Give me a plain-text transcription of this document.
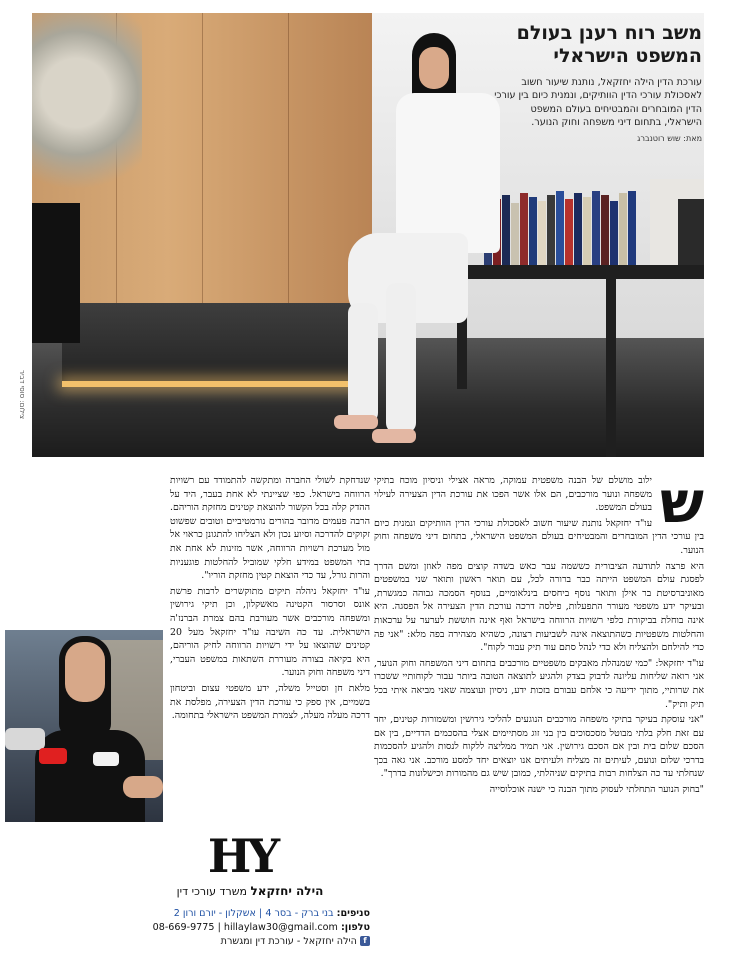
צילום: סוסי דביר
משב רוח רענן בעולם
המשפט הישראלי

עורכת הדין הילה יחזקאל, נותנת שיעור חשוב לאסכולת עורכי הדין הוותיקים, ונמנית כיום בין עורכי הדין המובחרים והמבטיחים בעולם המשפט הישראלי, בתחום דיני משפחה וחוק הנוער.

מאת: שוש רוטנברג
ש

ילוב מושלם של הבנה משפטית עמוקה, מראה אצילי וניסיון מוכח בתיקי משפחה ונוער מורכבים, הם אלו אשר הפכו את עורכת הדין הצעירה לעילוי בעולם המשפט.

עו"ד יחזקאל נותנת שיעור חשוב לאסכולת עורכי הדין הוותיקים ונמנית כיום בין עורכי הדין המובחרים והמבטיחים בעולם המשפט הישראלי, בתחום דיני משפחה וחוק הנוער.

היא פרצה לתודעה הציבורית כששמה עבר כאש בשדה קוצים מפה לאוזן ומשם הדרך לפסגת עולם המשפט הייתה כבר ברורה לכל, עם תואר ראשון ותואר שני במשפטים מאוניברסיטת בר אילן ותואר נוסף ביחסים בינלאומיים, בנוסף הסמכה גבוהה כמגשרת, ובעיקר ידע משפטי מעורר התפעלות, פילסה דרכה עורכת הדין הצעירה אל הפסגה. היא אינה בוחלת בביקורת כלפי רשויות הרווחה בישראל ואף אינה חוששת לערער על ערכאות והחלטות משפטיות כשהתוצאה אינה לשביעות רצונה, כשהיא מצהירה בפה מלא: "אני פה כדי להילחם ולהצליח ולא כדי לנהל סתם עוד תיק עבור לקוח".

עו"ד יחזקאל: "כמי שמנהלת מאבקים משפטיים מורכבים בתחום דיני המשפחה וחוק הנוער, אני רואה שליחות עליונה לדבוק בצדק ולהגיע לתוצאה הטובה ביותר עבור לקוחותיי ששכרו את שרותיי, מתוך ידיעה כי אלחם עבורם בזכות ידע, ניסיון ועוצמה שאני מביאה איתי בכל תיק ותיק".

"אני עוסקת בעיקר בתיקי משפחה מורכבים הנוגעים להליכי גירושין ומשמורות קטינים, יחד עם זאת חלק בלתי מבוטל מסכסוכים בין בני זוג מסתיימים אצלי בהסכמים הדדיים, בין אם הסכם שלום בית ובין אם הסכם גירושין. אני תמיד ממליצה ללקוח לנסות ולהגיע להסכמות בדרכי שלום ונועם, לעיתים זה מצליח ולעיתים אנו יוצאים יחד למסע מורכב. אני גאה בכך שנחלתי עד כה הצלחות רבות בתיקים שניהלתי, כמובן שיש גם מהמורות וכישלונות בדרך".

"בחוק הנוער התחלתי לעסוק מתוך הבנה כי ישנה אוכלוסייה

שנדחקת לשולי החברה ומתקשה להתמודד עם רשויות הרווחה בישראל. כפי שציינתי לא אחת בעבר, היד על ההדק קלה בכל הקשור להוצאת קטינים מחזקת הוריהם. הרבה פעמים מדובר בהורים נורמטיביים וטובים שפשוט זקוקים להדרכה וסיוע נכון ולא הצליחו להתגונן כראוי אל מול מערכת רשויות הרווחה, אשר מזינות לא אחת את בתי המשפט במידע חלקי שמוביל להחלטות פוגעניות והרות גורל, עד כדי הוצאת קטין מחזקת הוריו".

עו"ד יחזקאל ניהלה תיקים מתוקשרים לרבות פרשת אונס וסרסור הקטינה מאשקלון, וכן תיקי גירושין ומשפחה מורכבים אשר מעורבת בהם צמרת הברנז'ה הישראלית. עד כה השיבה עו"ד יחזקאל מעל 20 קטינים שהוצאו על ידי רשויות הרווחה לחיק הוריהם, היא בקיאה בצורה מעוררת השתאות במשפט העברי, דיני משפחה וחוק הנוער.

מלאת חן וסטייל משלה, ידע משפטי עצום וביטחון בשמיים, אין ספק כי עורכת הדין הצעירה, מפלסת את דרכה מעלה מעלה, לצמרת המשפט הישראלי בתחומה.

HY
הילה יחזקאל משרד עורכי דין
סניפים: בני ברק - בסר 4 | אשקלון - יורם ורון 2
טלפון: 08-669-9775 | hillaylaw30@gmail.com
f הילה יחזקאל - עורכת דין ומגשרת
